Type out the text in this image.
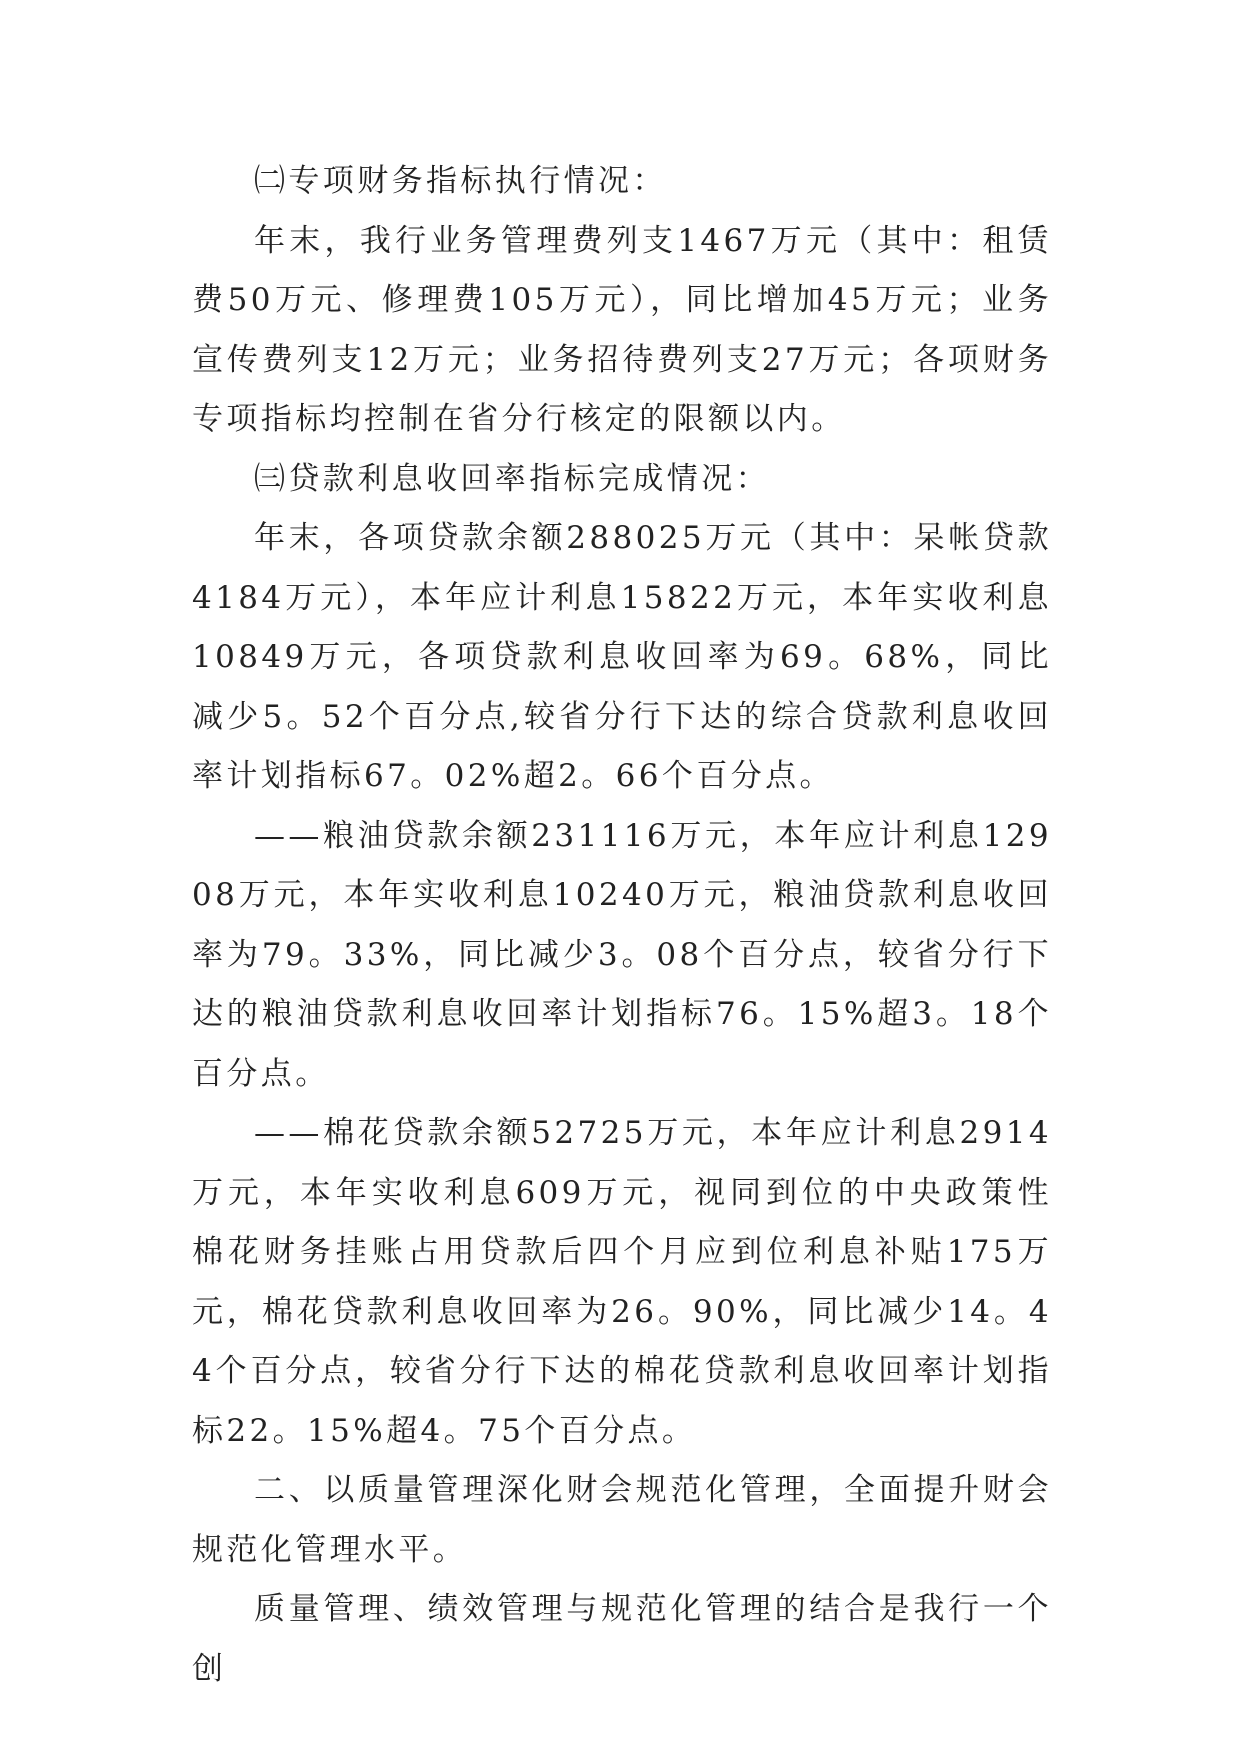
㈡专项财务指标执行情况：

年末，我行业务管理费列支1467万元（其中：租赁费50万元、修理费105万元），同比增加45万元；业务宣传费列支12万元；业务招待费列支27万元；各项财务专项指标均控制在省分行核定的限额以内。

㈢贷款利息收回率指标完成情况：

年末，各项贷款余额288025万元（其中：呆帐贷款4184万元），本年应计利息15822万元，本年实收利息10849万元，各项贷款利息收回率为69。68%，同比减少5。52个百分点,较省分行下达的综合贷款利息收回率计划指标67。02%超2。66个百分点。

——粮油贷款余额231116万元，本年应计利息12908万元，本年实收利息10240万元，粮油贷款利息收回率为79。33%，同比减少3。08个百分点，较省分行下达的粮油贷款利息收回率计划指标76。15%超3。18个百分点。

——棉花贷款余额52725万元，本年应计利息2914万元，本年实收利息609万元，视同到位的中央政策性棉花财务挂账占用贷款后四个月应到位利息补贴175万元，棉花贷款利息收回率为26。90%，同比减少14。44个百分点，较省分行下达的棉花贷款利息收回率计划指标22。15%超4。75个百分点。

二、以质量管理深化财会规范化管理，全面提升财会规范化管理水平。

质量管理、绩效管理与规范化管理的结合是我行一个创
